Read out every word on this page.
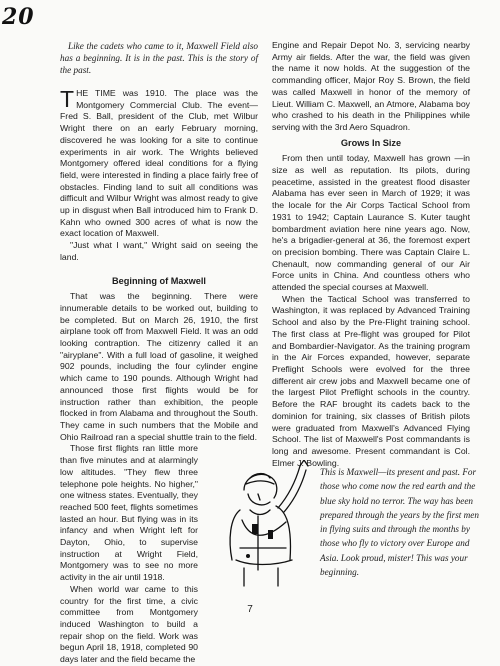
20

Like the cadets who came to it, Maxwell Field also has a beginning. It is in the past. This is the story of the past.

THE TIME was 1910. The place was the Montgomery Commercial Club. The event—Fred S. Ball, president of the Club, met Wilbur Wright there on an early February morning, discovered he was looking for a site to continue experiments in air work. The Wrights believed Montgomery offered ideal conditions for a flying field, were interested in finding a place fairly free of obstacles. Finding land to suit all conditions was difficult and Wilbur Wright was almost ready to give up in disgust when Ball introduced him to Frank D. Kahn who owned 300 acres of what is now the exact location of Maxwell.

"Just what I want," Wright said on seeing the land.

Beginning of Maxwell

That was the beginning. There were innumerable details to be worked out, building to be completed. But on March 26, 1910, the first airplane took off from Maxwell Field. It was an odd looking contraption. The citizenry called it an "airyplane". With a full load of gasoline, it weighed 902 pounds, including the four cylinder engine which came to 190 pounds. Although Wright had announced those first flights would be for instruction rather than exhibition, the people flocked in from Alabama and throughout the South. They came in such numbers that the Mobile and Ohio Railroad ran a special shuttle train to the field.

Those first flights ran little more than five minutes and at alarmingly low altitudes. "They flew three telephone pole heights. No higher," one witness states. Eventually, they reached 500 feet, flights sometimes lasted an hour. But flying was in its infancy and when Wright left for Dayton, Ohio, to supervise instruction at Wright Field, Montgomery was to see no more activity in the air until 1918.

When world war came to this country for the first time, a civic committee from Montgomery induced Washington to build a repair shop on the field. Work was begun April 18, 1918, completed 90 days later and the field became the

Engine and Repair Depot No. 3, servicing nearby Army air fields. After the war, the field was given the name it now holds. At the suggestion of the commanding officer, Major Roy S. Brown, the field was called Maxwell in honor of the memory of Lieut. William C. Maxwell, an Atmore, Alabama boy who crashed to his death in the Philippines while serving with the 3rd Aero Squadron.

Grows In Size

From then until today, Maxwell has grown —in size as well as reputation. Its pilots, during peacetime, assisted in the greatest flood disaster Alabama has ever seen in March of 1929; it was the locale for the Air Corps Tactical School from 1931 to 1942; Captain Laurance S. Kuter taught bombardment aviation here nine years ago. Now, he's a brigadier-general at 36, the foremost expert on precision bombing. There was Captain Claire L. Chenault, now commanding general of our Air Force units in China. And countless others who attended the special courses at Maxwell.

When the Tactical School was transferred to Washington, it was replaced by Advanced Training School and also by the Pre-Flight training school. The first class at Pre-flight was grouped for Pilot and Bombardier-Navigator. As the training program in the Air Forces expanded, however, separate Preflight Schools were evolved for the three different air crew jobs and Maxwell became one of the largest Pilot Preflight schools in the country. Before the RAF brought its cadets back to the dominion for training, six classes of British pilots were graduated from Maxwell's Advanced Flying School. The list of Maxwell's Post commandants is long and awesome. Present commandant is Col. Elmer J. Bowling.

This is Maxwell—its present and past. For those who come now the red earth and the blue sky hold no terror. The way has been prepared through the years by the first men in flying suits and through the months by those who fly to victory over Europe and Asia. Look proud, mister! This was your beginning.

7
